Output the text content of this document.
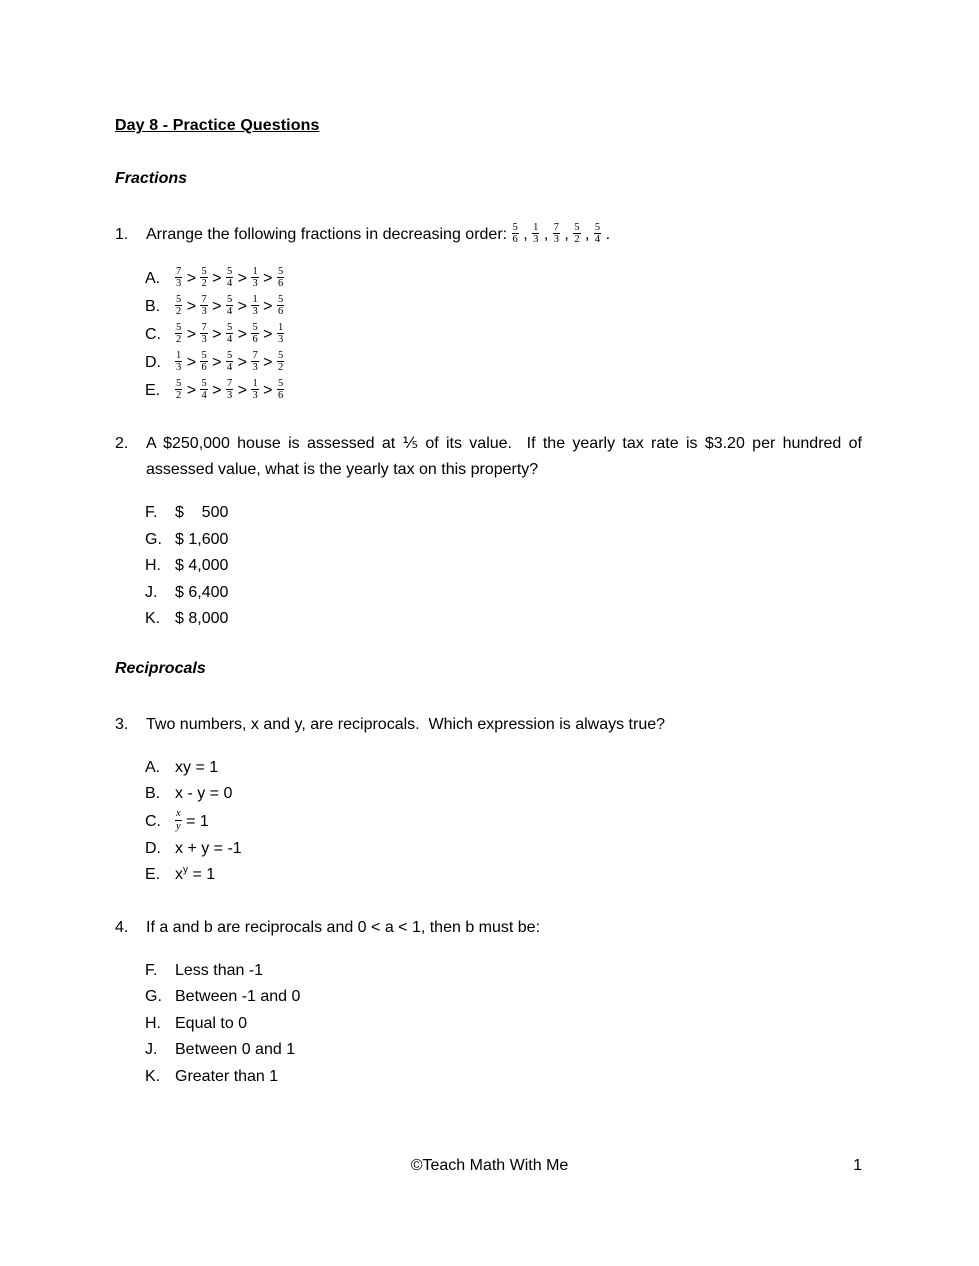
Day 8 - Practice Questions
Fractions
1.	Arrange the following fractions in decreasing order: $\frac{5}{6}$ , $\frac{1}{3}$ , $\frac{7}{3}$ , $\frac{5}{2}$ , $\frac{5}{4}$ .
A.	$\frac{7}{3} > \frac{5}{2} > \frac{5}{4} > \frac{1}{3} > \frac{5}{6}$
B.	$\frac{5}{2} > \frac{7}{3} > \frac{5}{4} > \frac{1}{3} > \frac{5}{6}$
C.	$\frac{5}{2} > \frac{7}{3} > \frac{5}{4} > \frac{5}{6} > \frac{1}{3}$
D.	$\frac{1}{3} > \frac{5}{6} > \frac{5}{4} > \frac{7}{3} > \frac{5}{2}$
E.	$\frac{5}{2} > \frac{5}{4} > \frac{7}{3} > \frac{1}{3} > \frac{5}{6}$
2.	A $250,000 house is assessed at ⅕ of its value.  If the yearly tax rate is $3.20 per hundred of assessed value, what is the yearly tax on this property?
F.	$    500
G. $ 1,600
H. $ 4,000
J.	$ 6,400
K. $ 8,000
Reciprocals
3.	Two numbers, x and y, are reciprocals.  Which expression is always true?
A. xy = 1
B. x - y = 0
C.	$\frac{x}{y} = 1$
D. x + y = -1
E. $x^y = 1$
4.	If a and b are reciprocals and 0 < a < 1, then b must be:
F.	Less than -1
G. Between -1 and 0
H. Equal to 0
J.	Between 0 and 1
K. Greater than 1
©Teach Math With Me	1
